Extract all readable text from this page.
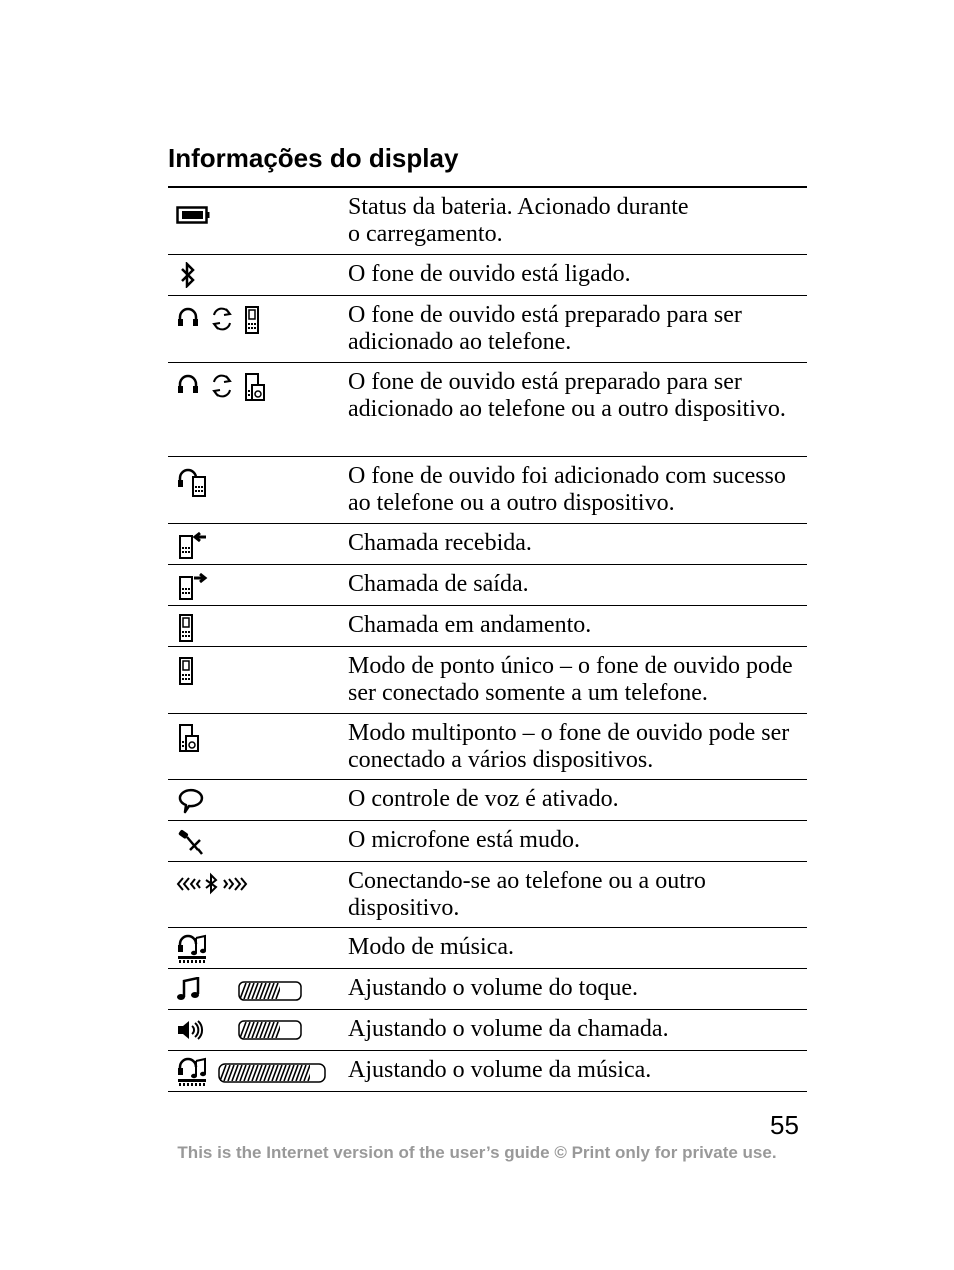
Informações do display
Status da bateria. Acionado durante
o carregamento.
O fone de ouvido está ligado.
O fone de ouvido está preparado para ser adicionado ao telefone.
O fone de ouvido está preparado para ser adicionado ao telefone ou a outro dispositivo.
O fone de ouvido foi adicionado com sucesso ao telefone ou a outro dispositivo.
Chamada recebida.
Chamada de saída.
Chamada em andamento.
Modo de ponto único – o fone de ouvido pode ser conectado somente a um telefone.
Modo multiponto – o fone de ouvido pode ser conectado a vários dispositivos.
O controle de voz é ativado.
O microfone está mudo.
Conectando-se ao telefone ou a outro dispositivo.
Modo de música.
Ajustando o volume do toque.
Ajustando o volume da chamada.
Ajustando o volume da música.
55
This is the Internet version of the user’s guide © Print only for private use.
